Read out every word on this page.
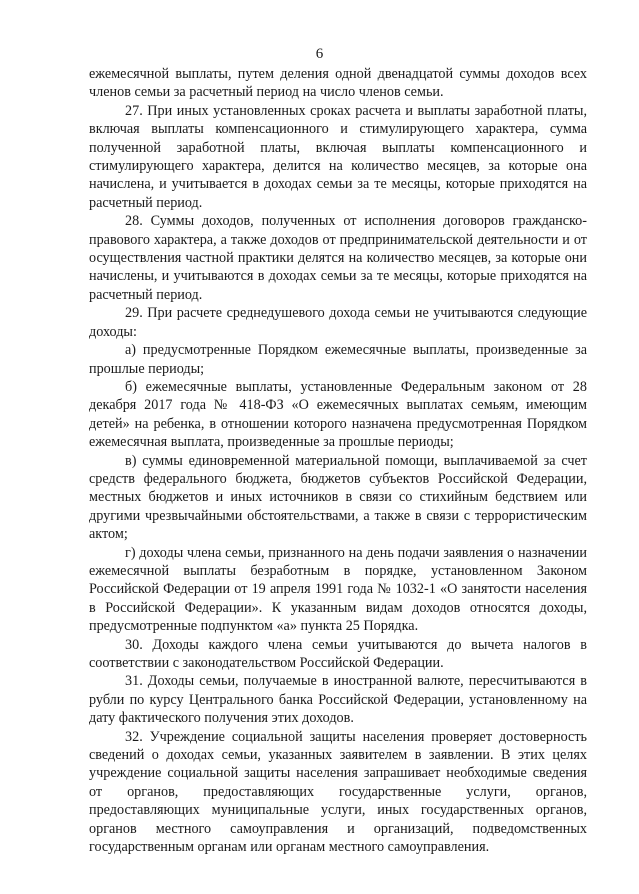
6

ежемесячной выплаты, путем деления одной двенадцатой суммы доходов всех членов семьи за расчетный период на число членов семьи.

27. При иных установленных сроках расчета и выплаты заработной платы, включая выплаты компенсационного и стимулирующего характера, сумма полученной заработной платы, включая выплаты компенсационного и стимулирующего характера, делится на количество месяцев, за которые она начислена, и учитывается в доходах семьи за те месяцы, которые приходятся на расчетный период.

28. Суммы доходов, полученных от исполнения договоров гражданско-правового характера, а также доходов от предпринимательской деятельности и от осуществления частной практики делятся на количество месяцев, за которые они начислены, и учитываются в доходах семьи за те месяцы, которые приходятся на расчетный период.

29. При расчете среднедушевого дохода семьи не учитываются следующие доходы:

а) предусмотренные Порядком ежемесячные выплаты, произведенные за прошлые периоды;

б) ежемесячные выплаты, установленные Федеральным законом от 28 декабря 2017 года № 418-ФЗ «О ежемесячных выплатах семьям, имеющим детей» на ребенка, в отношении которого назначена предусмотренная Порядком ежемесячная выплата, произведенные за прошлые периоды;

в) суммы единовременной материальной помощи, выплачиваемой за счет средств федерального бюджета, бюджетов субъектов Российской Федерации, местных бюджетов и иных источников в связи со стихийным бедствием или другими чрезвычайными обстоятельствами, а также в связи с террористическим актом;

г) доходы члена семьи, признанного на день подачи заявления о назначении ежемесячной выплаты безработным в порядке, установленном Законом Российской Федерации от 19 апреля 1991 года № 1032-1 «О занятости населения в Российской Федерации». К указанным видам доходов относятся доходы, предусмотренные подпунктом «а» пункта 25 Порядка.

30. Доходы каждого члена семьи учитываются до вычета налогов в соответствии с законодательством Российской Федерации.

31. Доходы семьи, получаемые в иностранной валюте, пересчитываются в рубли по курсу Центрального банка Российской Федерации, установленному на дату фактического получения этих доходов.

32. Учреждение социальной защиты населения проверяет достоверность сведений о доходах семьи, указанных заявителем в заявлении. В этих целях учреждение социальной защиты населения запрашивает необходимые сведения от органов, предоставляющих государственные услуги, органов, предоставляющих муниципальные услуги, иных государственных органов, органов местного самоуправления и организаций, подведомственных государственным органам или органам местного самоуправления.
